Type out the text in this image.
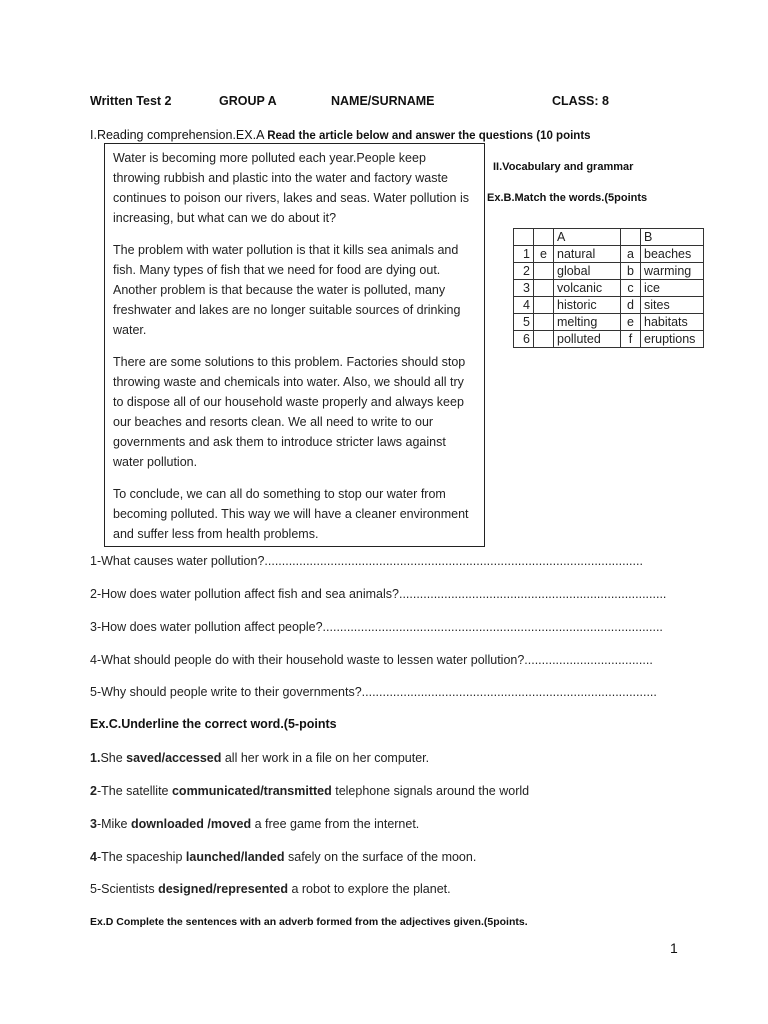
Written Test 2	GROUP A	NAME/SURNAME	CLASS: 8
I.Reading comprehension.EX.A Read the article below and answer the questions (10 points

Water is becoming more polluted each year.People keep
throwing rubbish and plastic into the water and factory waste
continues to poison our rivers, lakes and seas. Water pollution is
increasing, but what can we do about it?

The problem with water pollution is that it kills sea animals and
fish. Many types of fish that we need for food are dying out.
Another problem is that because the water is polluted, many
freshwater and lakes are no longer suitable sources of drinking
water.

There are some solutions to this problem. Factories should stop
throwing waste and chemicals into water. Also, we should all try
to dispose all of our household waste properly and always keep
our beaches and resorts clean. We all need to write to our
governments and ask them to introduce stricter laws against
water pollution.

To conclude, we can all do something to stop our water from
becoming polluted. This way we will have a cleaner environment
and suffer less from health problems.

II.Vocabulary and grammar
Ex.B.Match the words.(5points
		A		B
1	e	natural	a	beaches
2		global	b	warming
3		volcanic	c	ice
4		historic	d	sites
5		melting	e	habitats
6		polluted	f	eruptions
1-What causes water pollution?.............................................................................................................
2-How does water pollution affect fish and sea animals?.............................................................................
3-How does water pollution affect people?..................................................................................................
4-What should people do with their household waste to lessen water pollution?.....................................
5-Why should people write to their governments?.....................................................................................
Ex.C.Underline the correct word.(5-points
1.She saved/accessed all her work in a file on her computer.
2-The satellite communicated/transmitted telephone signals around the world
3-Mike downloaded /moved a free game from the internet.
4-The spaceship launched/landed safely on the surface of the moon.
5-Scientists designed/represented a robot to explore the planet.
Ex.D Complete the sentences with an adverb formed from the adjectives given.(5points.
1
